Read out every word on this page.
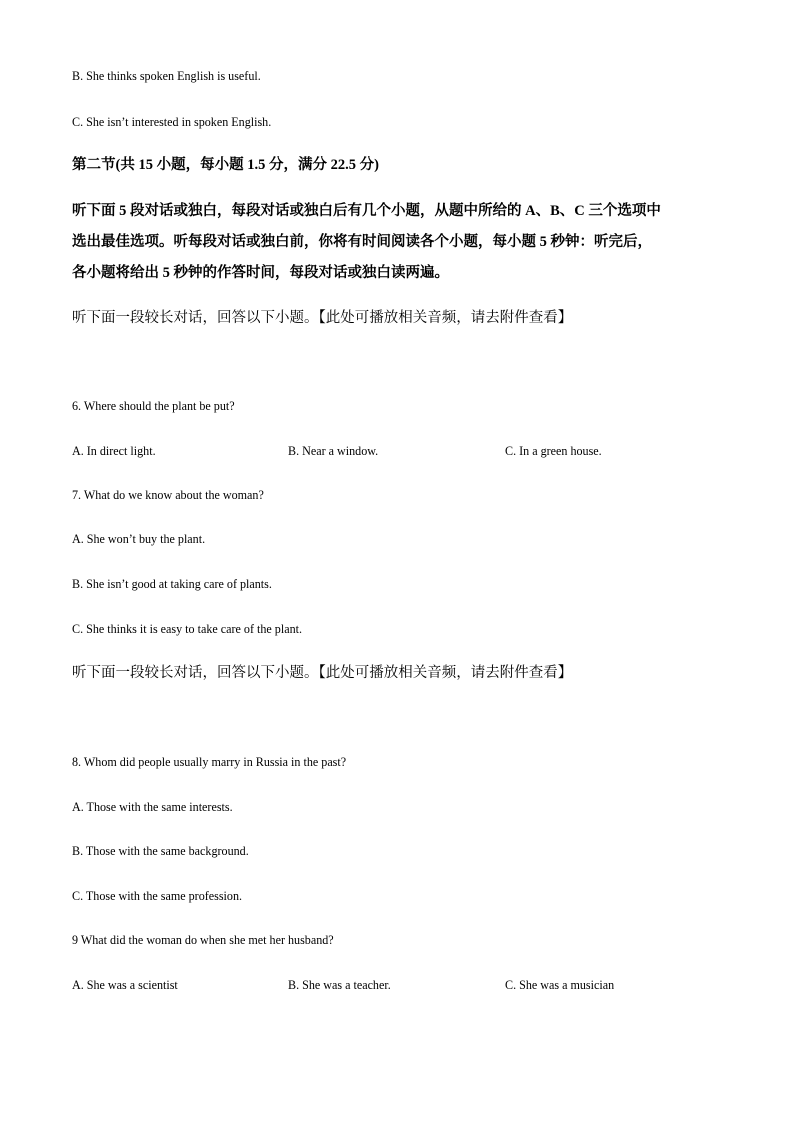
B. She thinks spoken English is useful.
C. She isn’t interested in spoken English.
第二节(共 15 小题，每小题 1.5 分，满分 22.5 分)
听下面 5 段对话或独白，每段对话或独白后有几个小题，从题中所给的 A、B、C 三个选项中
选出最佳选项。听每段对话或独白前，你将有时间阅读各个小题，每小题 5 秒钟：听完后，
各小题将给出 5 秒钟的作答时间，每段对话或独白读两遍。
听下面一段较长对话，回答以下小题。【此处可播放相关音频，请去附件查看】
6. Where should the plant be put?
A. In direct light.	B. Near a window.	C. In a green house.
7. What do we know about the woman?
A. She won’t buy the plant.
B. She isn’t good at taking care of plants.
C. She thinks it is easy to take care of the plant.
听下面一段较长对话，回答以下小题。【此处可播放相关音频，请去附件查看】
8. Whom did people usually marry in Russia in the past?
A. Those with the same interests.
B. Those with the same background.
C. Those with the same profession.
9 What did the woman do when she met her husband?
A. She was a scientist	B. She was a teacher.	C. She was a musician
